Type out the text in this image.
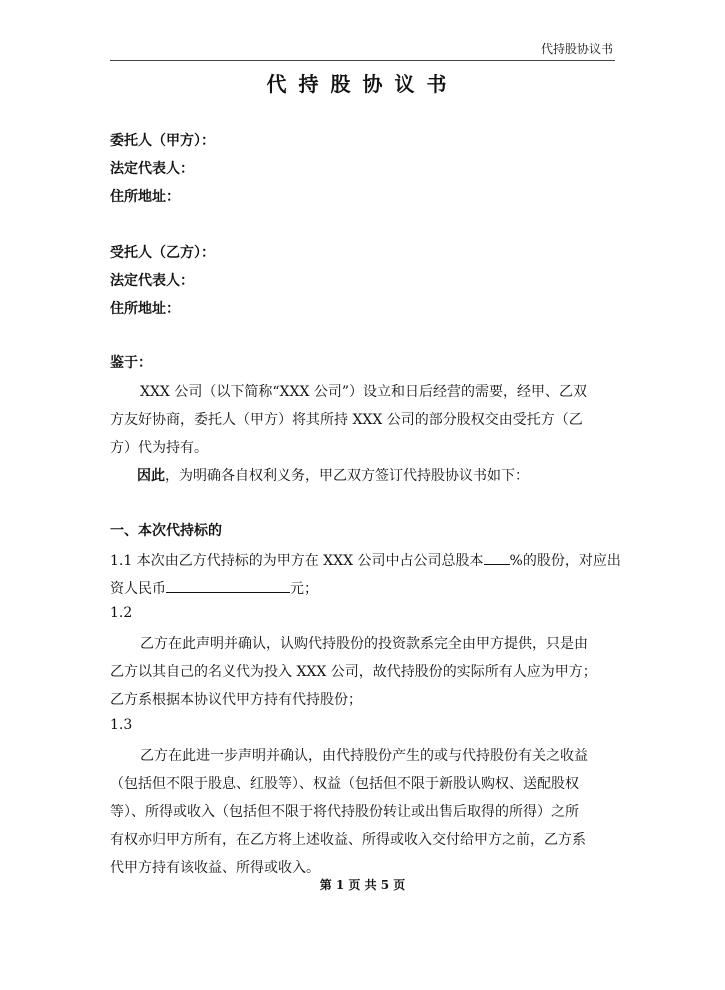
代持股协议书
代持股协议书
委托人（甲方）：
法定代表人：
住所地址：
受托人（乙方）：
法定代表人：
住所地址：
鉴于：
XXX 公司（以下简称“XXX 公司”）设立和日后经营的需要，经甲、乙双
方友好协商，委托人（甲方）将其所持 XXX 公司的部分股权交由受托方（乙
方）代为持有。
因此，为明确各自权利义务，甲乙双方签订代持股协议书如下：
一、本次代持标的
1.1 本次由乙方代持标的为甲方在 XXX 公司中占公司总股本 %的股份，对应出
资人民币	元；
1.2
乙方在此声明并确认，认购代持股份的投资款系完全由甲方提供，只是由
乙方以其自己的名义代为投入 XXX 公司，故代持股份的实际所有人应为甲方；
乙方系根据本协议代甲方持有代持股份；
1.3
乙方在此进一步声明并确认，由代持股份产生的或与代持股份有关之收益
（包括但不限于股息、红股等）、权益（包括但不限于新股认购权、送配股权
等）、所得或收入（包括但不限于将代持股份转让或出售后取得的所得）之所
有权亦归甲方所有，在乙方将上述收益、所得或收入交付给甲方之前，乙方系
代甲方持有该收益、所得或收入。
第 1 页 共 5 页
